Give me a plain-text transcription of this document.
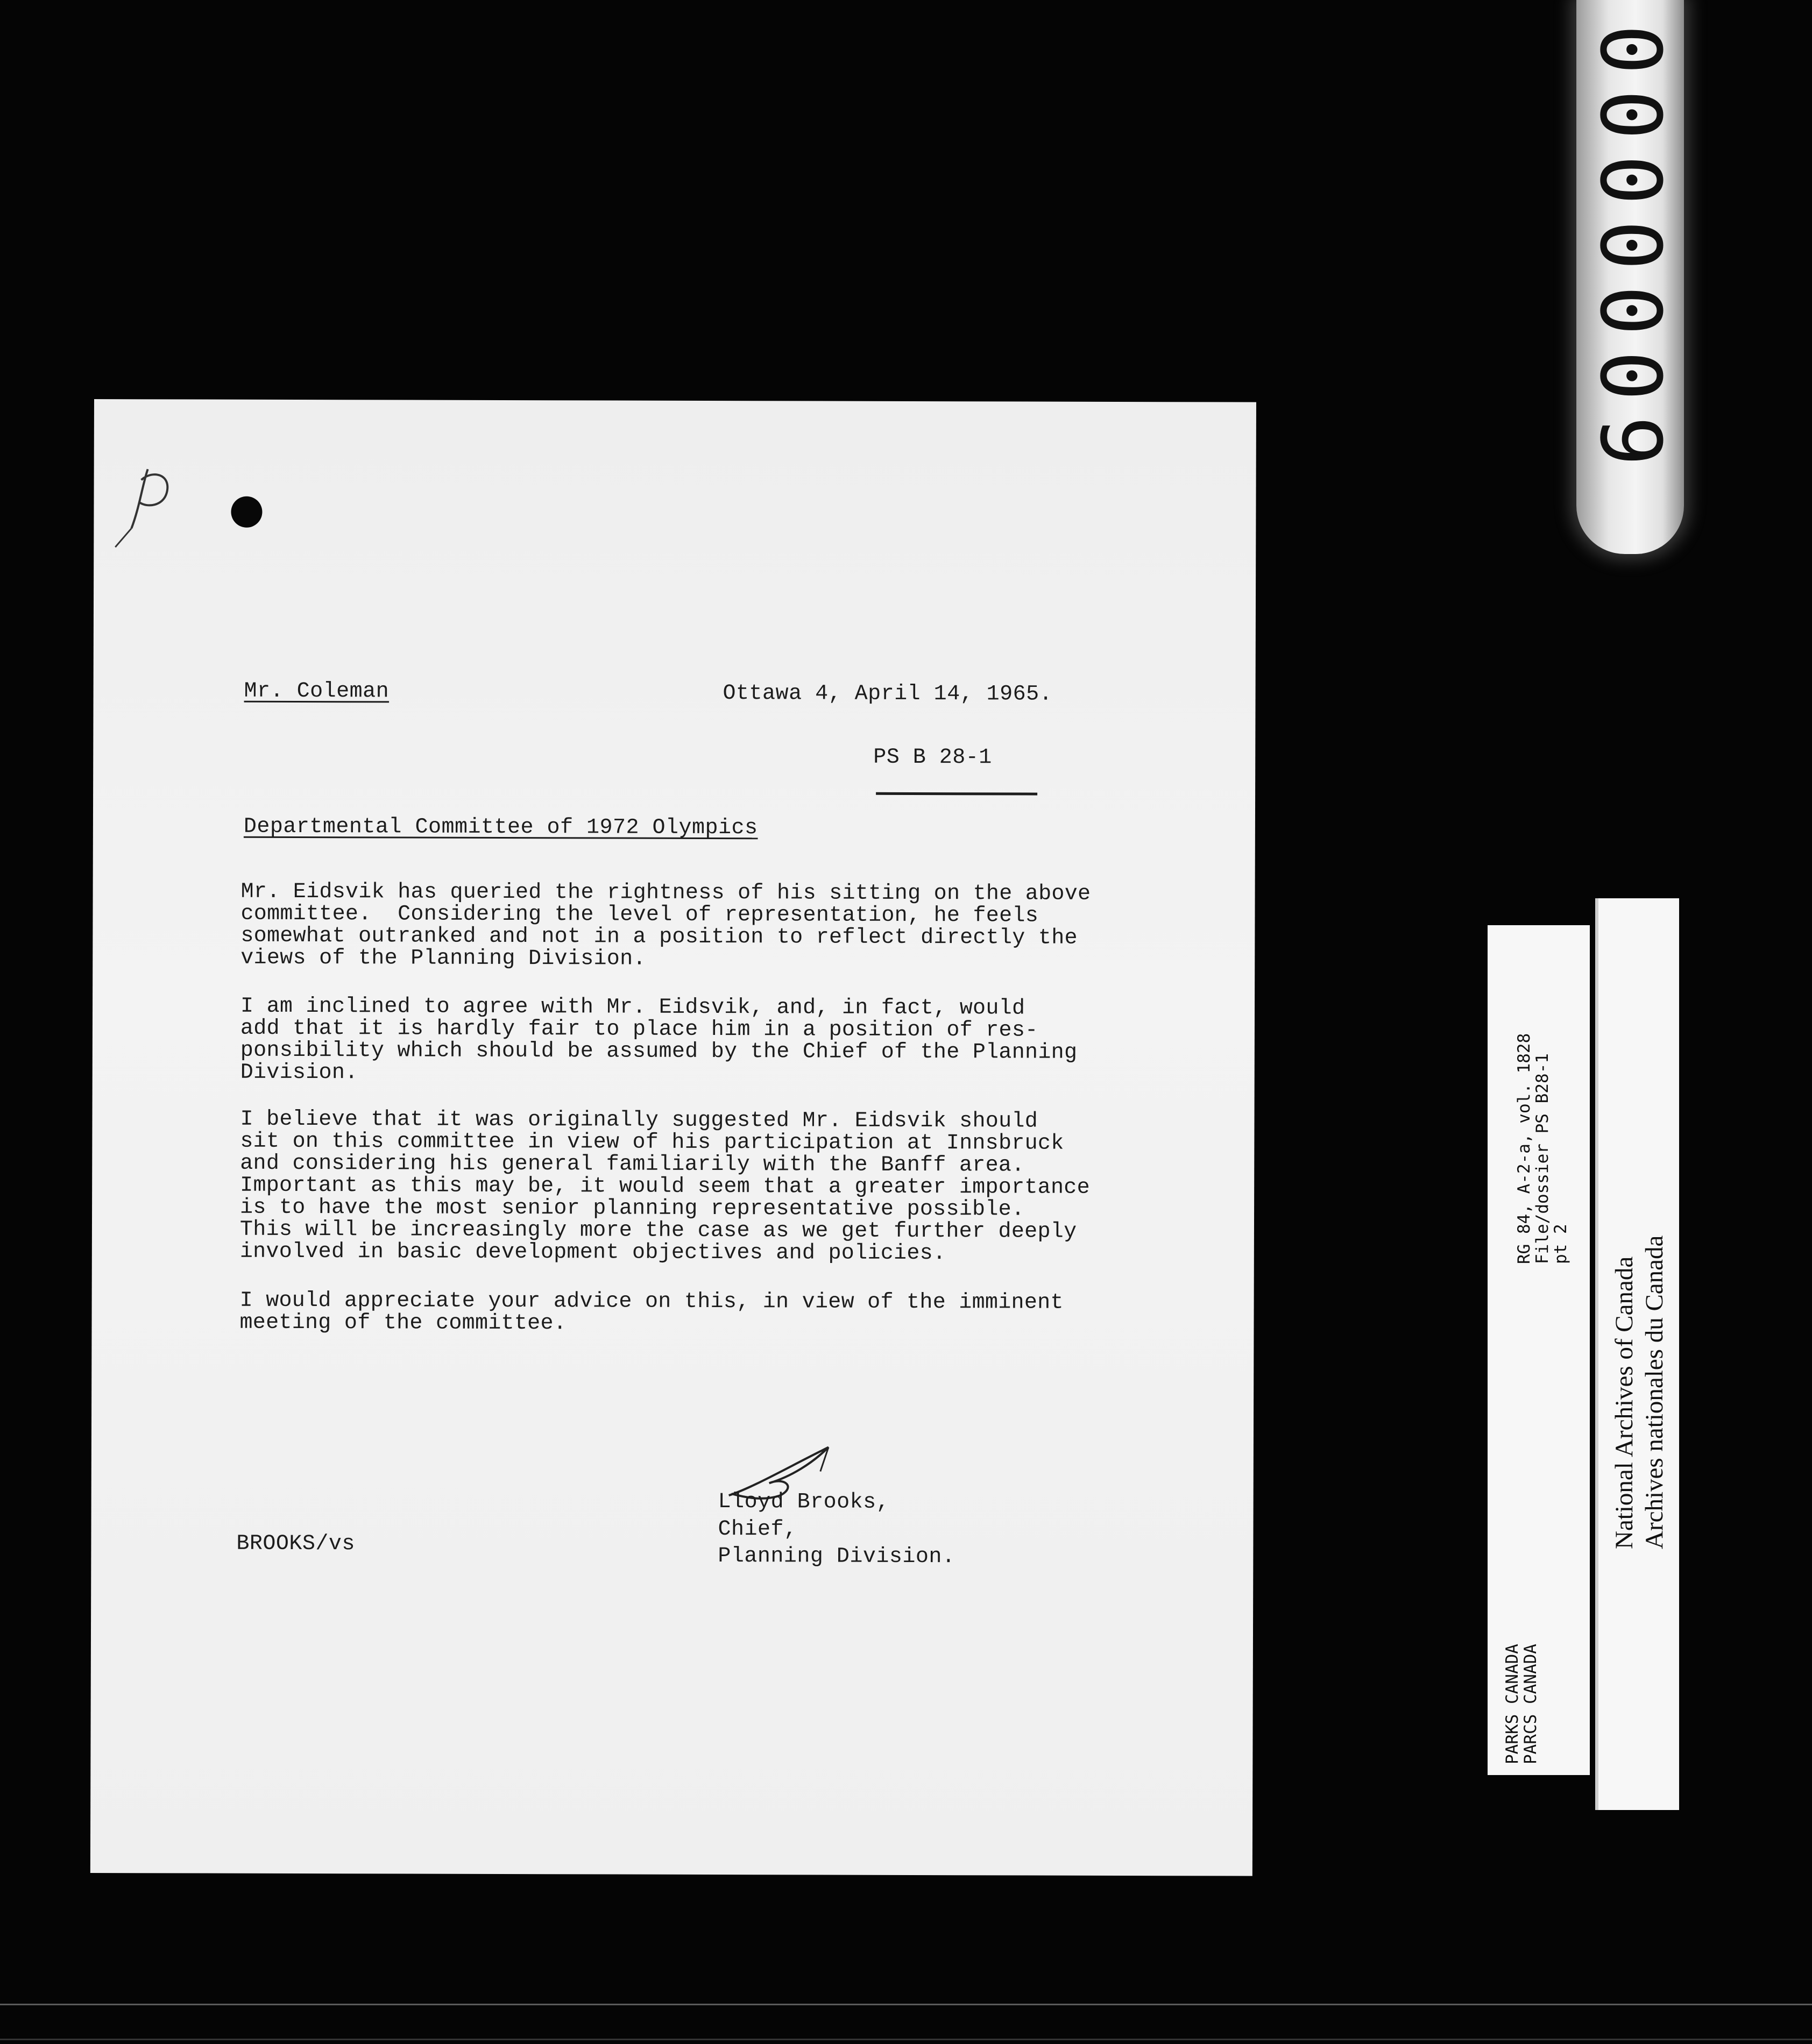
0000009
Mr. Coleman	Ottawa 4, April 14, 1965.
PS B 28-1
Departmental Committee of 1972 Olympics
Mr. Eidsvik has queried the rightness of his sitting on the above
committee.  Considering the level of representation, he feels
somewhat outranked and not in a position to reflect directly the
views of the Planning Division.
I am inclined to agree with Mr. Eidsvik, and, in fact, would
add that it is hardly fair to place him in a position of res-
ponsibility which should be assumed by the Chief of the Planning
Division.
I believe that it was originally suggested Mr. Eidsvik should
sit on this committee in view of his participation at Innsbruck
and considering his general familiarily with the Banff area.
Important as this may be, it would seem that a greater importance
is to have the most senior planning representative possible.
This will be increasingly more the case as we get further deeply
involved in basic development objectives and policies.
I would appreciate your advice on this, in view of the imminent
meeting of the committee.
Lloyd Brooks,
Chief,
Planning Division.
BROOKS/vs
RG 84, A-2-a, vol. 1828
File/dossier PS B28-1
pt 2
PARKS CANADA
PARCS CANADA
National Archives of Canada Archives nationales du Canada
